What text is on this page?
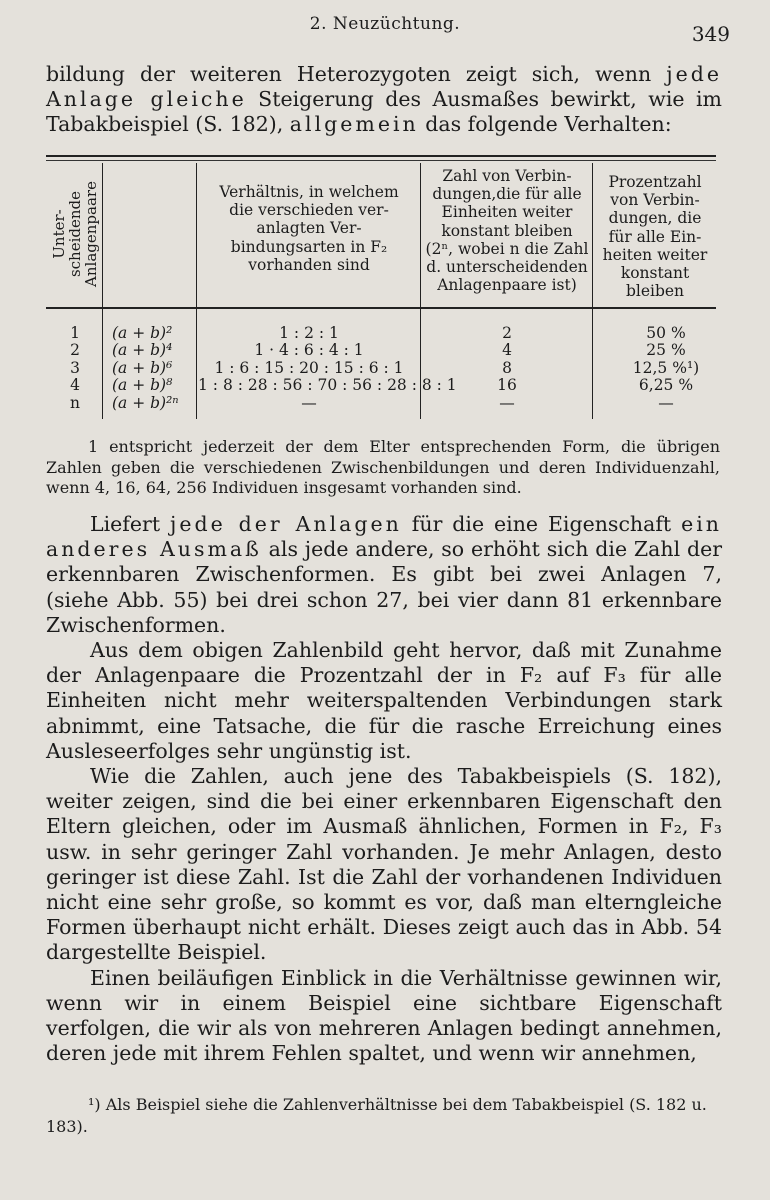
2. Neuzüchtung.	349

bildung der weiteren Heterozygoten zeigt sich, wenn jede Anlage gleiche Steigerung des Ausmaßes bewirkt, wie im Tabakbeispiel (S. 182), allgemein das folgende Verhalten:

Unter-
scheidende
Anlagenpaare	Verhältnis, in welchem
die verschieden ver-
anlagten Ver-
bindungsarten in F₂
vorhanden sind
Zahl von Verbin-
dungen,die für alle
Einheiten weiter
konstant bleiben
(2ⁿ, wobei n die Zahl
d. unterscheidenden
Anlagenpaare ist)
Prozentzahl
von Verbin-
dungen, die
für alle Ein-
heiten weiter
konstant
bleiben
1
2
3
4
n
(a + b)²
(a + b)⁴
(a + b)⁶
(a + b)⁸
(a + b)²ⁿ
1 : 2 : 1
1 · 4 : 6 : 4 : 1
1 : 6 : 15 : 20 : 15 : 6 : 1
1 : 8 : 28 : 56 : 70 : 56 : 28 : 8 : 1
—
2
4
8
16
—
50 %
25 %
12,5 %¹)
6,25 %
—

1 entspricht jederzeit der dem Elter entsprechenden Form, die übrigen Zahlen geben die verschiedenen Zwischenbildungen und deren Individuenzahl, wenn 4, 16, 64, 256 Individuen insgesamt vorhanden sind.

Liefert jede der Anlagen für die eine Eigenschaft ein anderes Ausmaß als jede andere, so erhöht sich die Zahl der erkennbaren Zwischenformen. Es gibt bei zwei Anlagen 7, (siehe Abb. 55) bei drei schon 27, bei vier dann 81 erkennbare Zwischenformen.

Aus dem obigen Zahlenbild geht hervor, daß mit Zunahme der Anlagenpaare die Prozentzahl der in F₂ auf F₃ für alle Einheiten nicht mehr weiterspaltenden Verbindungen stark abnimmt, eine Tatsache, die für die rasche Erreichung eines Ausleseerfolges sehr ungünstig ist.

Wie die Zahlen, auch jene des Tabakbeispiels (S. 182), weiter zeigen, sind die bei einer erkennbaren Eigenschaft den Eltern gleichen, oder im Ausmaß ähnlichen, Formen in F₂, F₃ usw. in sehr geringer Zahl vorhanden. Je mehr Anlagen, desto geringer ist diese Zahl. Ist die Zahl der vorhandenen Individuen nicht eine sehr große, so kommt es vor, daß man elterngleiche Formen überhaupt nicht erhält. Dieses zeigt auch das in Abb. 54 dargestellte Beispiel.

Einen beiläufigen Einblick in die Verhältnisse gewinnen wir, wenn wir in einem Beispiel eine sichtbare Eigenschaft verfolgen, die wir als von mehreren Anlagen bedingt annehmen, deren jede mit ihrem Fehlen spaltet, und wenn wir annehmen,

¹) Als Beispiel siehe die Zahlenverhältnisse bei dem Tabakbeispiel (S. 182 u. 183).
